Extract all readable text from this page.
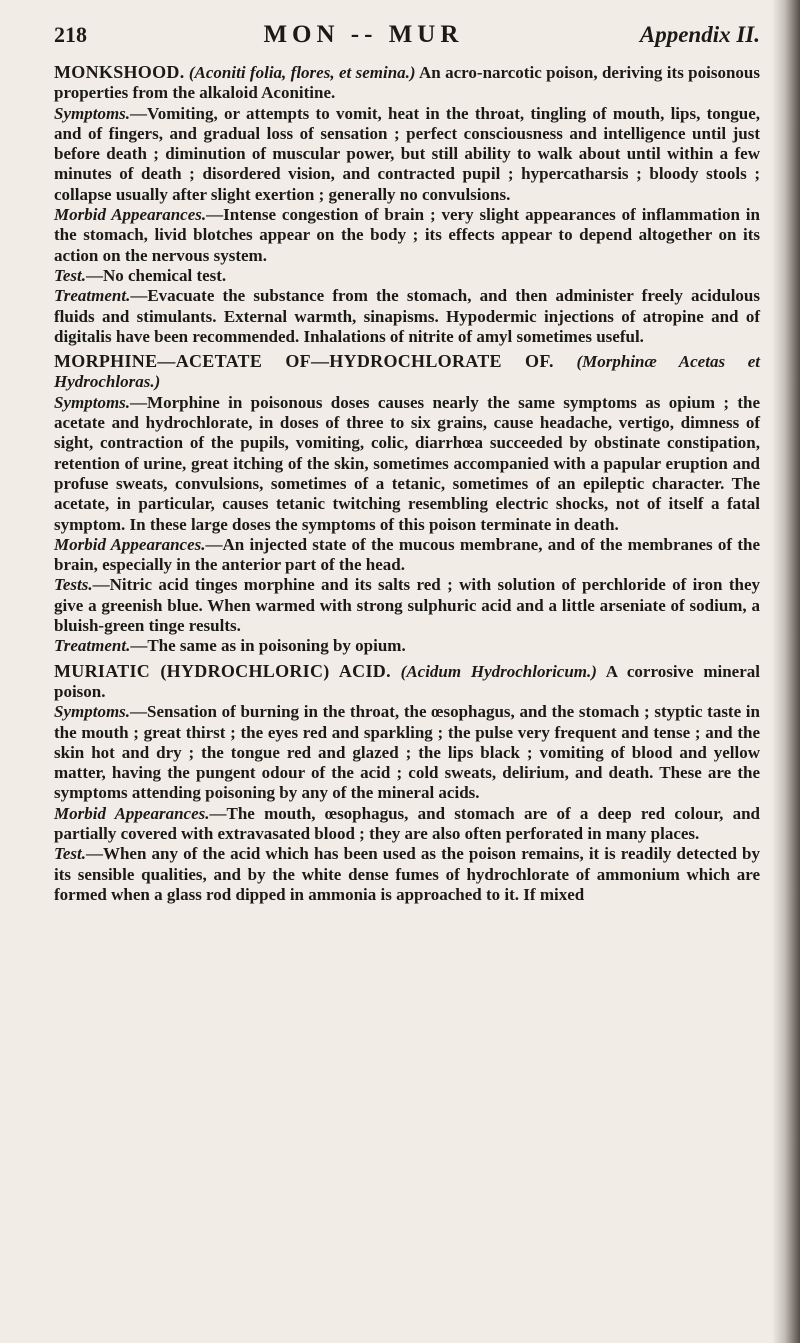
218	MON -- MUR	Appendix II.

MONKSHOOD. (Aconiti folia, flores, et semina.) An acro-narcotic poison, deriving its poisonous properties from the alkaloid Aconitine.

Symptoms.—Vomiting, or attempts to vomit, heat in the throat, tingling of mouth, lips, tongue, and of fingers, and gradual loss of sensation ; perfect consciousness and intelligence until just before death ; diminution of muscular power, but still ability to walk about until within a few minutes of death ; disordered vision, and contracted pupil ; hypercatharsis ; bloody stools ; collapse usually after slight exertion ; generally no convulsions.

Morbid Appearances.—Intense congestion of brain ; very slight appearances of inflammation in the stomach, livid blotches appear on the body ; its effects appear to depend altogether on its action on the nervous system.

Test.—No chemical test.

Treatment.—Evacuate the substance from the stomach, and then administer freely acidulous fluids and stimulants. External warmth, sinapisms. Hypodermic injections of atropine and of digitalis have been recommended. Inhalations of nitrite of amyl sometimes useful.

MORPHINE—ACETATE OF—HYDROCHLORATE OF. (Morphinæ Acetas et Hydrochloras.)

Symptoms.—Morphine in poisonous doses causes nearly the same symptoms as opium ; the acetate and hydrochlorate, in doses of three to six grains, cause headache, vertigo, dimness of sight, contraction of the pupils, vomiting, colic, diarrhœa succeeded by obstinate constipation, retention of urine, great itching of the skin, sometimes accompanied with a papular eruption and profuse sweats, convulsions, sometimes of a tetanic, sometimes of an epileptic character. The acetate, in particular, causes tetanic twitching resembling electric shocks, not of itself a fatal symptom. In these large doses the symptoms of this poison terminate in death.

Morbid Appearances.—An injected state of the mucous membrane, and of the membranes of the brain, especially in the anterior part of the head.

Tests.—Nitric acid tinges morphine and its salts red ; with solution of perchloride of iron they give a greenish blue. When warmed with strong sulphuric acid and a little arseniate of sodium, a bluish-green tinge results.

Treatment.—The same as in poisoning by opium.

MURIATIC (HYDROCHLORIC) ACID. (Acidum Hydrochloricum.) A corrosive mineral poison.

Symptoms.—Sensation of burning in the throat, the œsophagus, and the stomach ; styptic taste in the mouth ; great thirst ; the eyes red and sparkling ; the pulse very frequent and tense ; and the skin hot and dry ; the tongue red and glazed ; the lips black ; vomiting of blood and yellow matter, having the pungent odour of the acid ; cold sweats, delirium, and death. These are the symptoms attending poisoning by any of the mineral acids.

Morbid Appearances.—The mouth, œsophagus, and stomach are of a deep red colour, and partially covered with extravasated blood ; they are also often perforated in many places.

Test.—When any of the acid which has been used as the poison remains, it is readily detected by its sensible qualities, and by the white dense fumes of hydrochlorate of ammonium which are formed when a glass rod dipped in ammonia is approached to it. If mixed
